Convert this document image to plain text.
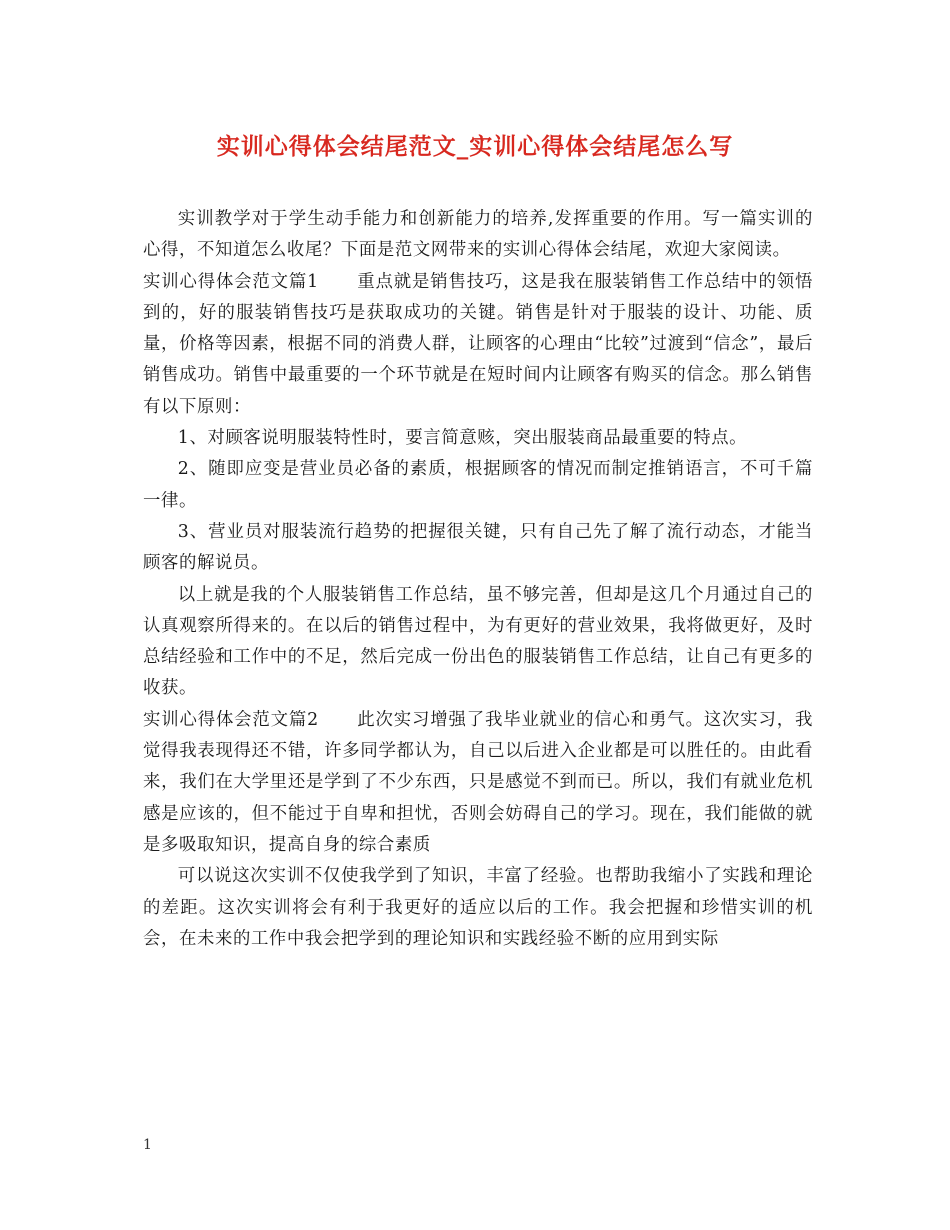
实训心得体会结尾范文_实训心得体会结尾怎么写

实训教学对于学生动手能力和创新能力的培养,发挥重要的作用。写一篇实训的心得，不知道怎么收尾？下面是范文网带来的实训心得体会结尾，欢迎大家阅读。

实训心得体会范文篇1 重点就是销售技巧，这是我在服装销售工作总结中的领悟到的，好的服装销售技巧是获取成功的关键。销售是针对于服装的设计、功能、质量，价格等因素，根据不同的消费人群，让顾客的心理由“比较”过渡到“信念”，最后销售成功。销售中最重要的一个环节就是在短时间内让顾客有购买的信念。那么销售有以下原则：

1、对顾客说明服装特性时，要言简意赅，突出服装商品最重要的特点。

2、随即应变是营业员必备的素质，根据顾客的情况而制定推销语言，不可千篇一律。

3、营业员对服装流行趋势的把握很关键，只有自己先了解了流行动态，才能当顾客的解说员。

以上就是我的个人服装销售工作总结，虽不够完善，但却是这几个月通过自己的认真观察所得来的。在以后的销售过程中，为有更好的营业效果，我将做更好，及时总结经验和工作中的不足，然后完成一份出色的服装销售工作总结，让自己有更多的收获。

实训心得体会范文篇2 此次实习增强了我毕业就业的信心和勇气。这次实习，我觉得我表现得还不错，许多同学都认为，自己以后进入企业都是可以胜任的。由此看来，我们在大学里还是学到了不少东西，只是感觉不到而已。所以，我们有就业危机感是应该的，但不能过于自卑和担忧，否则会妨碍自己的学习。现在，我们能做的就是多吸取知识，提高自身的综合素质

可以说这次实训不仅使我学到了知识，丰富了经验。也帮助我缩小了实践和理论的差距。这次实训将会有利于我更好的适应以后的工作。我会把握和珍惜实训的机会，在未来的工作中我会把学到的理论知识和实践经验不断的应用到实际

1
